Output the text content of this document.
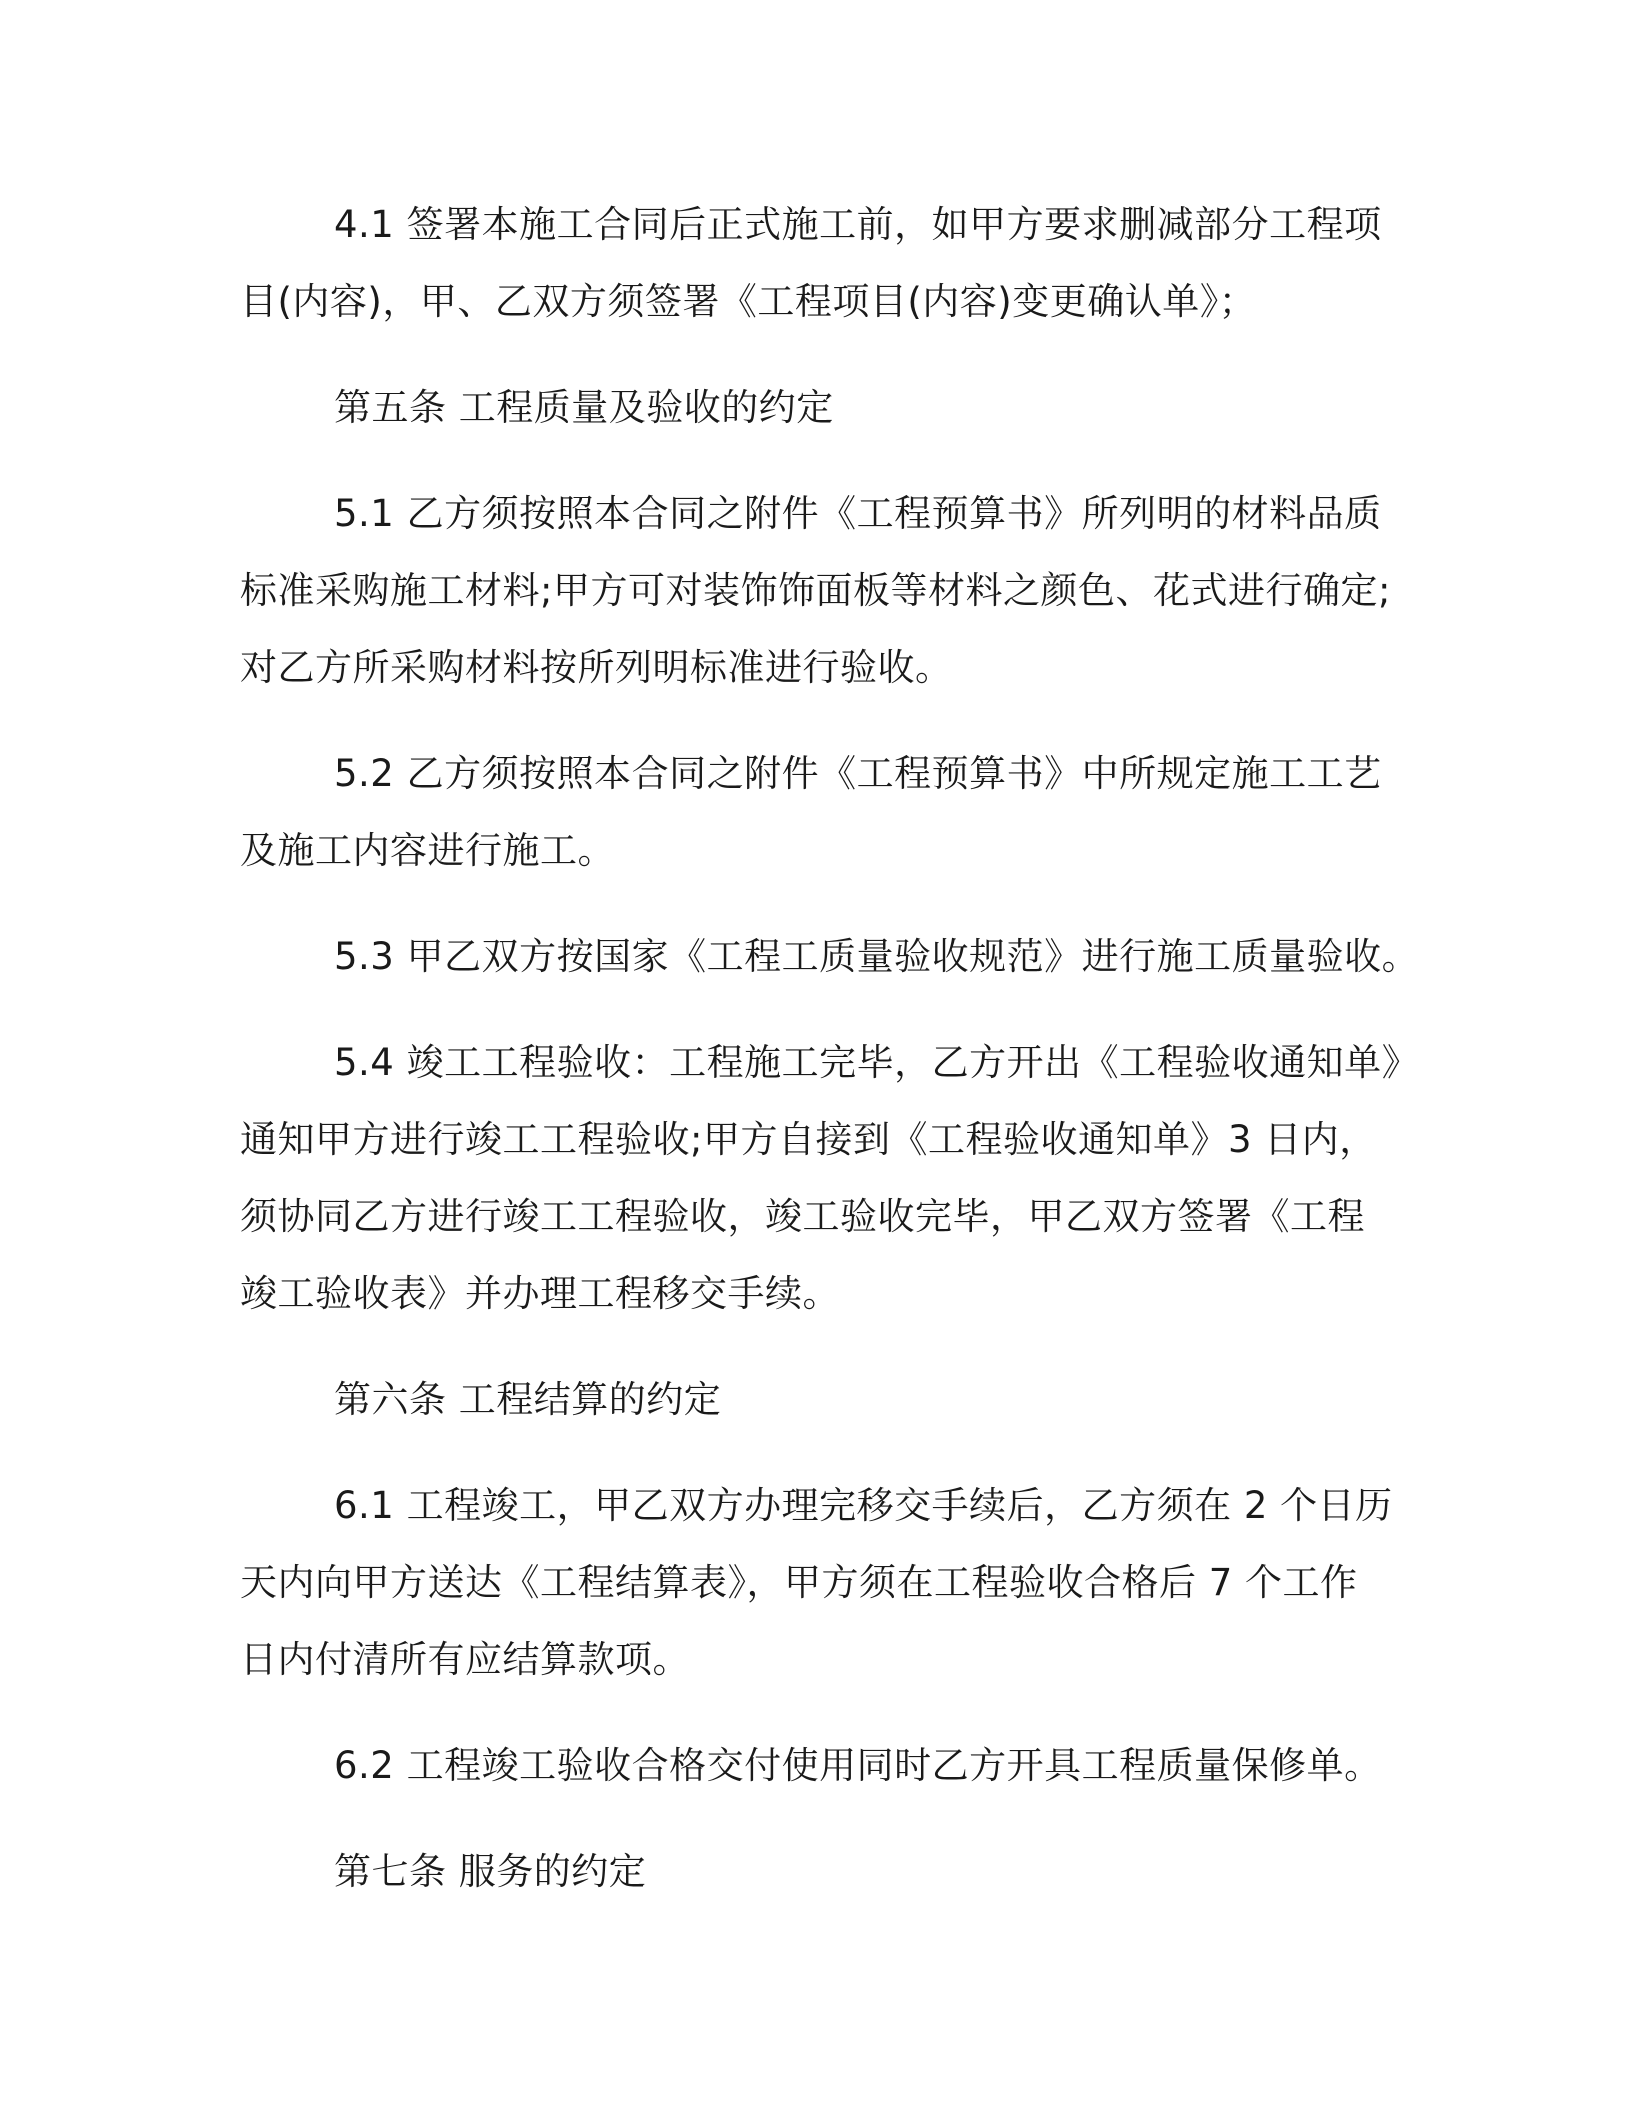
4.1 签署本施工合同后正式施工前，如甲方要求删减部分工程项
目(内容)，甲、乙双方须签署《工程项目(内容)变更确认单》；

第五条 工程质量及验收的约定

5.1 乙方须按照本合同之附件《工程预算书》所列明的材料品质
标准采购施工材料;甲方可对装饰饰面板等材料之颜色、花式进行确定;
对乙方所采购材料按所列明标准进行验收。

5.2 乙方须按照本合同之附件《工程预算书》中所规定施工工艺
及施工内容进行施工。

5.3 甲乙双方按国家《工程工质量验收规范》进行施工质量验收。

5.4 竣工工程验收：工程施工完毕，乙方开出《工程验收通知单》
通知甲方进行竣工工程验收;甲方自接到《工程验收通知单》3 日内，
须协同乙方进行竣工工程验收，竣工验收完毕，甲乙双方签署《工程
竣工验收表》并办理工程移交手续。

第六条 工程结算的约定

6.1 工程竣工，甲乙双方办理完移交手续后，乙方须在 2 个日历
天内向甲方送达《工程结算表》，甲方须在工程验收合格后 7 个工作
日内付清所有应结算款项。

6.2 工程竣工验收合格交付使用同时乙方开具工程质量保修单。

第七条 服务的约定
